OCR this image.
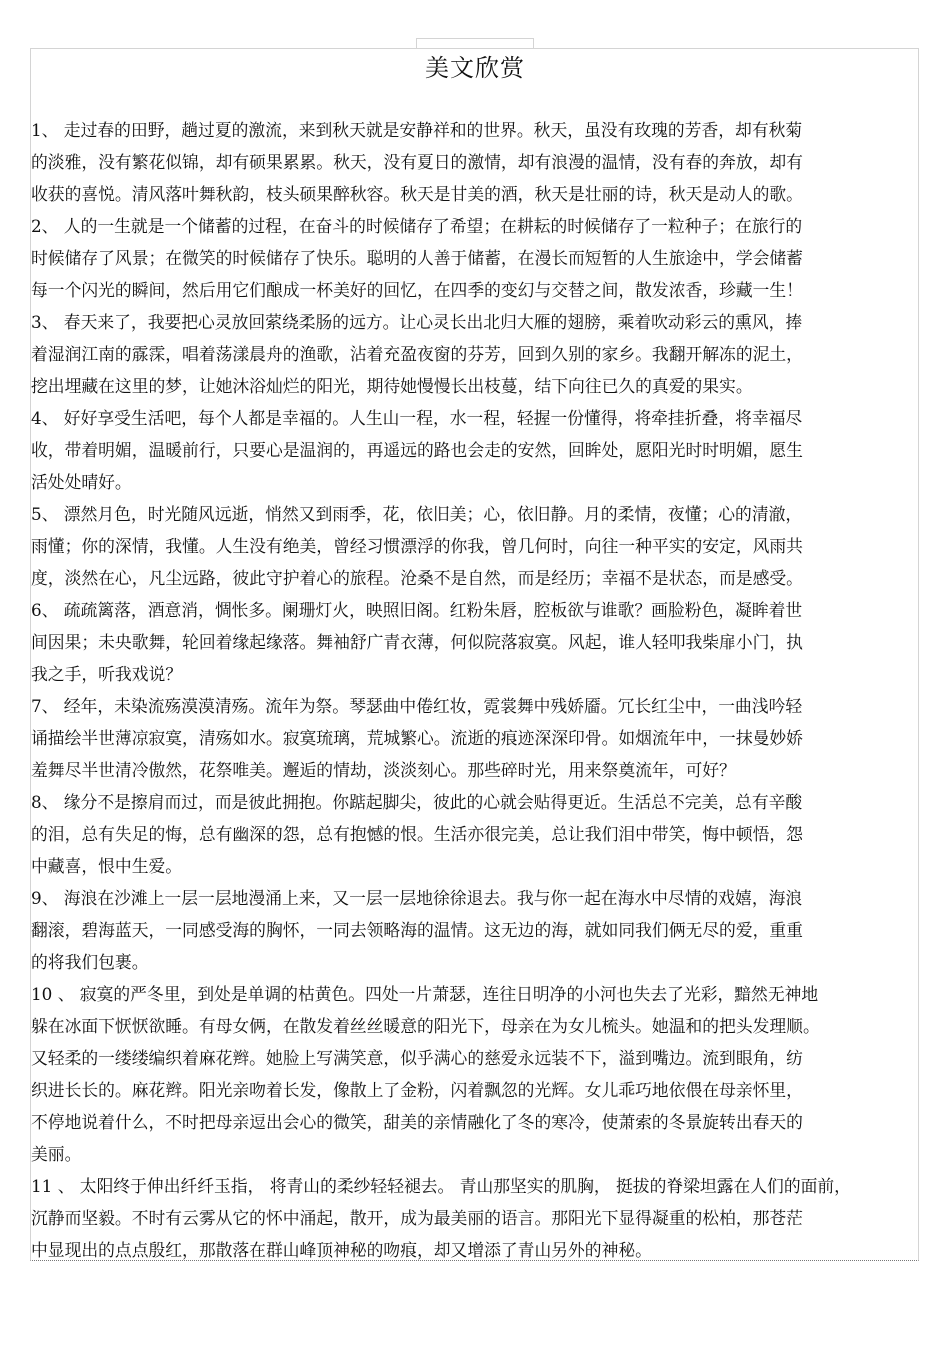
美文欣赏
1、 走过春的田野，趟过夏的激流，来到秋天就是安静祥和的世界。秋天，虽没有玫瑰的芳香，却有秋菊
的淡雅，没有繁花似锦，却有硕果累累。秋天，没有夏日的激情，却有浪漫的温情，没有春的奔放，却有
收获的喜悦。清风落叶舞秋韵，枝头硕果醉秋容。秋天是甘美的酒，秋天是壮丽的诗，秋天是动人的歌。
2、 人的一生就是一个储蓄的过程，在奋斗的时候储存了希望；在耕耘的时候储存了一粒种子；在旅行的
时候储存了风景；在微笑的时候储存了快乐。聪明的人善于储蓄，在漫长而短暂的人生旅途中，学会储蓄
每一个闪光的瞬间，然后用它们酿成一杯美好的回忆，在四季的变幻与交替之间，散发浓香，珍藏一生！
3、 春天来了，我要把心灵放回萦绕柔肠的远方。让心灵长出北归大雁的翅膀，乘着吹动彩云的熏风，捧
着湿润江南的霡霂，唱着荡漾晨舟的渔歌，沾着充盈夜窗的芬芳，回到久别的家乡。我翻开解冻的泥土，
挖出埋藏在这里的梦，让她沐浴灿烂的阳光，期待她慢慢长出枝蔓，结下向往已久的真爱的果实。
4、 好好享受生活吧，每个人都是幸福的。人生山一程，水一程，轻握一份懂得，将牵挂折叠，将幸福尽
收，带着明媚，温暖前行，只要心是温润的，再遥远的路也会走的安然，回眸处，愿阳光时时明媚，愿生
活处处晴好。
5、 漂然月色，时光随风远逝，悄然又到雨季，花，依旧美；心，依旧静。月的柔情，夜懂；心的清澈，
雨懂；你的深情，我懂。人生没有绝美，曾经习惯漂浮的你我，曾几何时，向往一种平实的安定，风雨共
度，淡然在心，凡尘远路，彼此守护着心的旅程。沧桑不是自然，而是经历；幸福不是状态，而是感受。
6、 疏疏篱落，酒意消，惆怅多。阑珊灯火，映照旧阁。红粉朱唇，腔板欲与谁歌？画脸粉色，凝眸着世
间因果；未央歌舞，轮回着缘起缘落。舞袖舒广青衣薄，何似院落寂寞。风起，谁人轻叩我柴扉小门，执
我之手，听我戏说？
7、 经年，未染流殇漠漠清殇。流年为祭。琴瑟曲中倦红妆，霓裳舞中残娇靥。冗长红尘中，一曲浅吟轻
诵描绘半世薄凉寂寞，清殇如水。寂寞琉璃，荒城繁心。流逝的痕迹深深印骨。如烟流年中，一抹曼妙娇
羞舞尽半世清冷傲然，花祭唯美。邂逅的情劫，淡淡刻心。那些碎时光，用来祭奠流年，可好？
8、 缘分不是擦肩而过，而是彼此拥抱。你踮起脚尖，彼此的心就会贴得更近。生活总不完美，总有辛酸
的泪，总有失足的悔，总有幽深的怨，总有抱憾的恨。生活亦很完美，总让我们泪中带笑，悔中顿悟，怨
中藏喜，恨中生爱。
9、 海浪在沙滩上一层一层地漫涌上来，又一层一层地徐徐退去。我与你一起在海水中尽情的戏嬉，海浪
翻滚，碧海蓝天，一同感受海的胸怀，一同去领略海的温情。这无边的海，就如同我们俩无尽的爱，重重
的将我们包裹。
10 、 寂寞的严冬里，到处是单调的枯黄色。四处一片萧瑟，连往日明净的小河也失去了光彩，黯然无神地
躲在冰面下恹恹欲睡。有母女俩，在散发着丝丝暖意的阳光下，母亲在为女儿梳头。她温和的把头发理顺。
又轻柔的一缕缕编织着麻花辫。她脸上写满笑意，似乎满心的慈爱永远装不下，溢到嘴边。流到眼角，纺
织进长长的。麻花辫。阳光亲吻着长发，像散上了金粉，闪着飘忽的光辉。女儿乖巧地依偎在母亲怀里，
不停地说着什么，不时把母亲逗出会心的微笑，甜美的亲情融化了冬的寒冷，使萧索的冬景旋转出春天的
美丽。
11 、 太阳终于伸出纤纤玉指， 将青山的柔纱轻轻褪去。 青山那坚实的肌胸， 挺拔的脊梁坦露在人们的面前，
沉静而坚毅。不时有云雾从它的怀中涌起，散开，成为最美丽的语言。那阳光下显得凝重的松柏，那苍茫
中显现出的点点殷红，那散落在群山峰顶神秘的吻痕，却又增添了青山另外的神秘。
